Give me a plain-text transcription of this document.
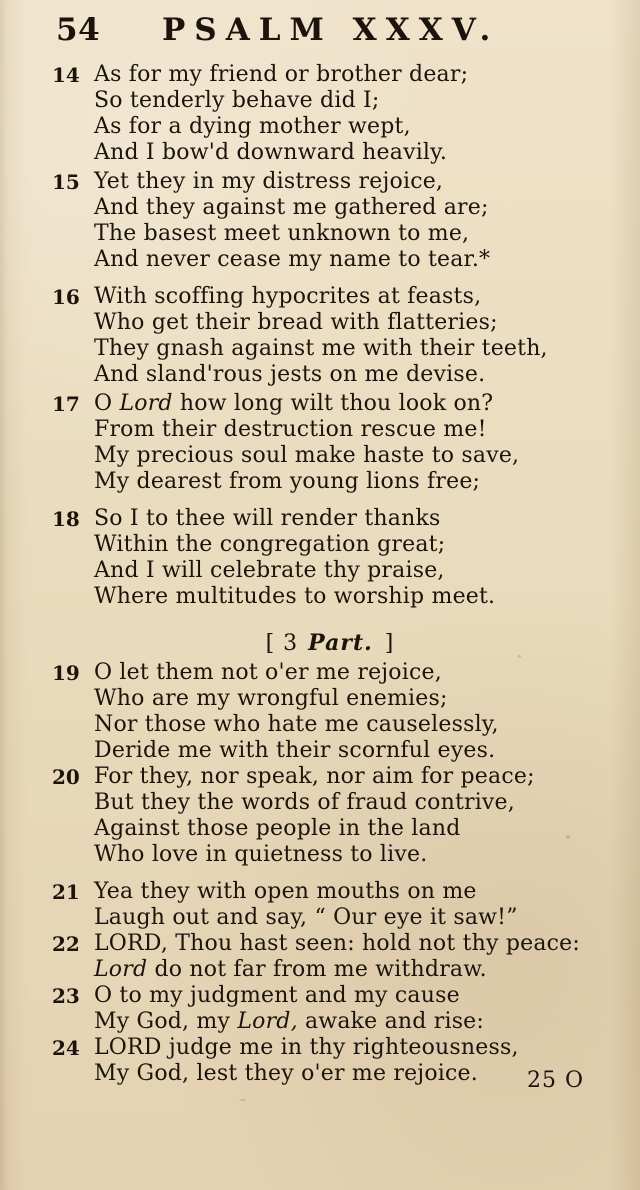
54 PSALM XXXV.
14 As for my friend or brother dear;
So tenderly behave did I;
As for a dying mother wept,
And I bow'd downward heavily.
15 Yet they in my distress rejoice,
And they against me gathered are;
The basest meet unknown to me,
And never cease my name to tear.*
16 With scoffing hypocrites at feasts,
Who get their bread with flatteries;
They gnash against me with their teeth,
And sland'rous jests on me devise.
17 O Lord how long wilt thou look on?
From their destruction rescue me!
My precious soul make haste to save,
My dearest from young lions free;
18 So I to thee will render thanks
Within the congregation great;
And I will celebrate thy praise,
Where multitudes to worship meet.
[ 3 Part. ]
19 O let them not o'er me rejoice,
Who are my wrongful enemies;
Nor those who hate me causelessly,
Deride me with their scornful eyes.
20 For they, nor speak, nor aim for peace;
But they the words of fraud contrive,
Against those people in the land
Who love in quietness to live.
21 Yea they with open mouths on me
Laugh out and say, “ Our eye it saw!”
22 LORD, Thou hast seen: hold not thy peace:
Lord do not far from me withdraw.
23 O to my judgment and my cause
My God, my Lord, awake and rise:
24 LORD judge me in thy righteousness,
My God, lest they o'er me rejoice. 25 O
